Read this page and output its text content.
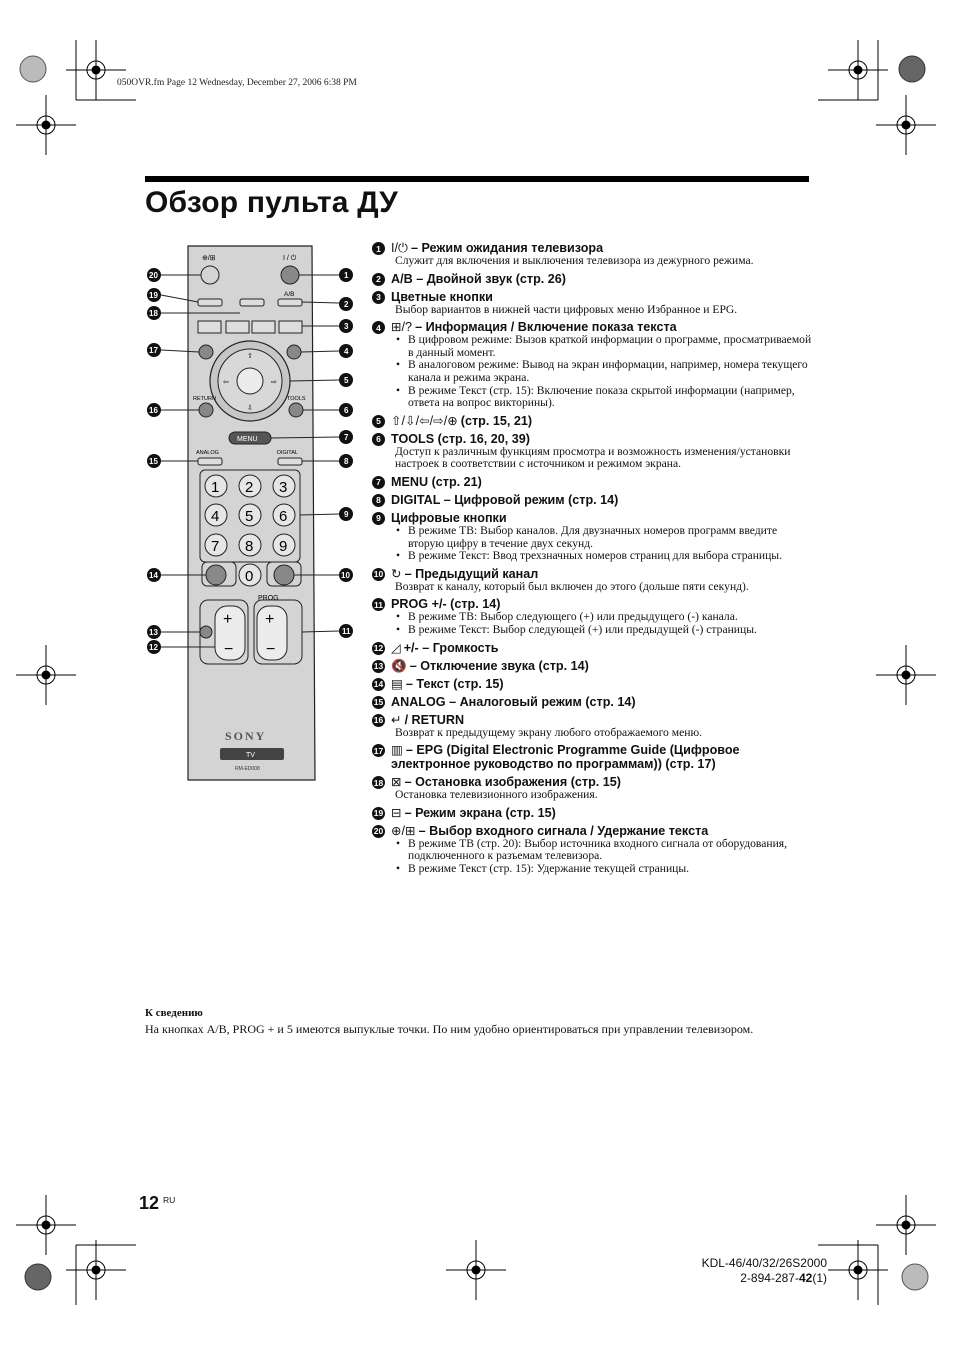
050OVR.fm Page 12 Wednesday, December 27, 2006 6:38 PM
Обзор пульта ДУ
⊕/⊞	I / ⏻
A/B
⇧
⇩
⇦	⇨
RETURN	TOOLS
MENU
ANALOG	DIGITAL
1 2 3
4 5 6
7 8 9
0
PROG
+
−
+
−
SONY
TV
RM-ED008
20	1
19
2
18
3
17	4
5
16	6
7
15	8
9
14	10
13	11
12
1 I/⏻ – Режим ожидания телевизора
Служит для включения и выключения телевизора из дежурного режима.
2 A/B – Двойной звук (стр. 26)
3 Цветные кнопки
Выбор вариантов в нижней части цифровых меню Избранное и EPG.
4 ⊞/? – Информация / Включение показа текста
• В цифровом режиме: Вызов краткой информации о программе, просматриваемой в данный момент.
• В аналоговом режиме: Вывод на экран информации, например, номера текущего канала и режима экрана.
• В режиме Текст (стр. 15): Включение показа скрытой информации (например, ответа на вопрос викторины).
5 ⇧/⇩/⇦/⇨/⊕ (стр. 15, 21)
6 TOOLS (стр. 16, 20, 39)
Доступ к различным функциям просмотра и возможность изменения/установки настроек в соответствии с источником и режимом экрана.
7 MENU (стр. 21)
8 DIGITAL – Цифровой режим (стр. 14)
9 Цифровые кнопки
• В режиме ТВ: Выбор каналов. Для двузначных номеров программ введите вторую цифру в течение двух секунд.
• В режиме Текст: Ввод трехзначных номеров страниц для выбора страницы.
10 ↻ – Предыдущий канал
Возврат к каналу, который был включен до этого (дольше пяти секунд).
11 PROG +/- (стр. 14)
• В режиме ТВ: Выбор следующего (+) или предыдущего (-) канала.
• В режиме Текст: Выбор следующей (+) или предыдущей (-) страницы.
12 ◿ +/- – Громкость
13 🔇 – Отключение звука (стр. 14)
14 ▤ – Текст (стр. 15)
15 ANALOG – Аналоговый режим (стр. 14)
16 ↵ / RETURN
Возврат к предыдущему экрану любого отображаемого меню.
17 ▥ – EPG (Digital Electronic Programme Guide (Цифровое электронное руководство по программам)) (стр. 17)
18 ⊠ – Остановка изображения (стр. 15)
Остановка телевизионного изображения.
19 ⊟ – Режим экрана (стр. 15)
20 ⊕/⊞ – Выбор входного сигнала / Удержание текста
• В режиме ТВ (стр. 20): Выбор источника входного сигнала от оборудования, подключенного к разъемам телевизора.
• В режиме Текст (стр. 15): Удержание текущей страницы.
К сведению
На кнопках A/B, PROG + и 5 имеются выпуклые точки. По ним удобно ориентироваться при управлении телевизором.
12 $^{RU}$
KDL-46/40/32/26S2000
2-894-287-42(1)
